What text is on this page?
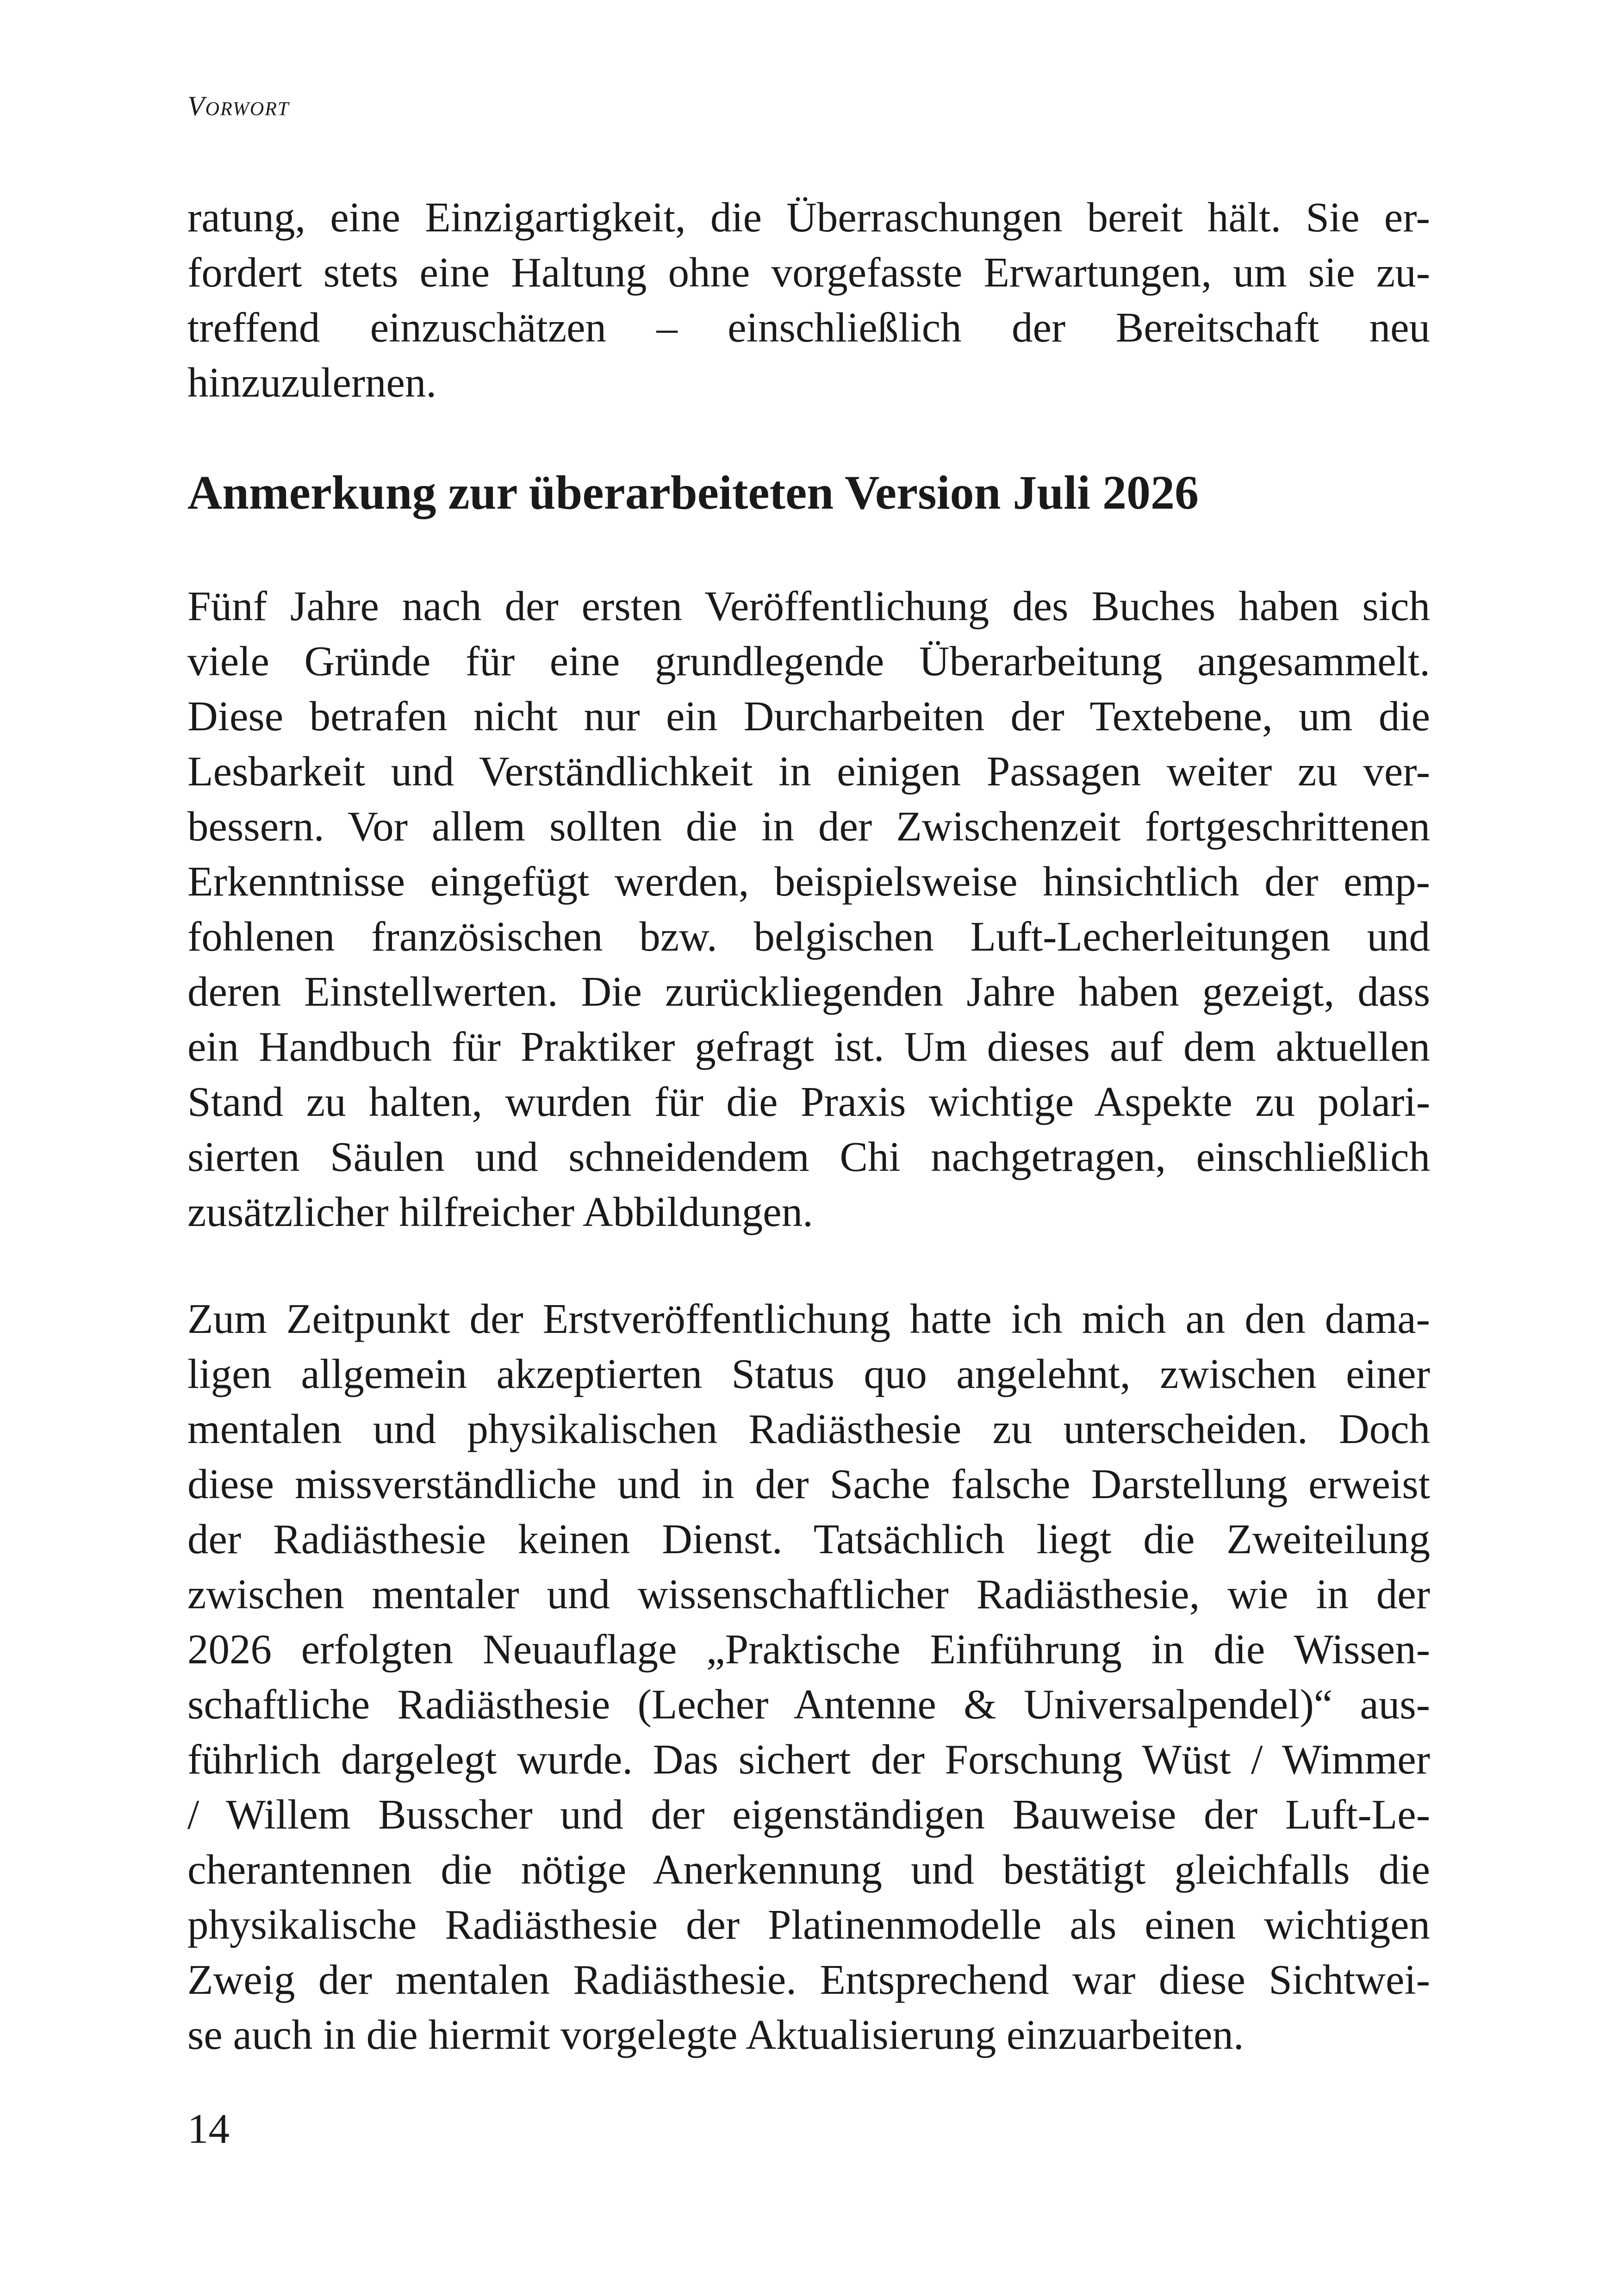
Vorwort
ratung, eine Einzigartigkeit, die Überraschungen bereit hält. Sie er-
fordert stets eine Haltung ohne vorgefasste Erwartungen, um sie zu-
treffend einzuschätzen – einschließlich der Bereitschaft neu
hinzuzulernen.
Anmerkung zur überarbeiteten Version Juli 2026
Fünf Jahre nach der ersten Veröffentlichung des Buches haben sich
viele Gründe für eine grundlegende Überarbeitung angesammelt.
Diese betrafen nicht nur ein Durcharbeiten der Textebene, um die
Lesbarkeit und Verständlichkeit in einigen Passagen weiter zu ver-
bessern. Vor allem sollten die in der Zwischenzeit fortgeschrittenen
Erkenntnisse eingefügt werden, beispielsweise hinsichtlich der emp-
fohlenen französischen bzw. belgischen Luft-Lecherleitungen und
deren Einstellwerten. Die zurückliegenden Jahre haben gezeigt, dass
ein Handbuch für Praktiker gefragt ist. Um dieses auf dem aktuellen
Stand zu halten, wurden für die Praxis wichtige Aspekte zu polari-
sierten Säulen und schneidendem Chi nachgetragen, einschließlich
zusätzlicher hilfreicher Abbildungen.
Zum Zeitpunkt der Erstveröffentlichung hatte ich mich an den dama-
ligen allgemein akzeptierten Status quo angelehnt, zwischen einer
mentalen und physikalischen Radiästhesie zu unterscheiden. Doch
diese missverständliche und in der Sache falsche Darstellung erweist
der Radiästhesie keinen Dienst. Tatsächlich liegt die Zweiteilung
zwischen mentaler und wissenschaftlicher Radiästhesie, wie in der
2026 erfolgten Neuauflage „Praktische Einführung in die Wissen-
schaftliche Radiästhesie (Lecher Antenne & Universalpendel)“ aus-
führlich dargelegt wurde. Das sichert der Forschung Wüst / Wimmer
/ Willem Busscher und der eigenständigen Bauweise der Luft-Le-
cherantennen die nötige Anerkennung und bestätigt gleichfalls die
physikalische Radiästhesie der Platinenmodelle als einen wichtigen
Zweig der mentalen Radiästhesie. Entsprechend war diese Sichtwei-
se auch in die hiermit vorgelegte Aktualisierung einzuarbeiten.
14
